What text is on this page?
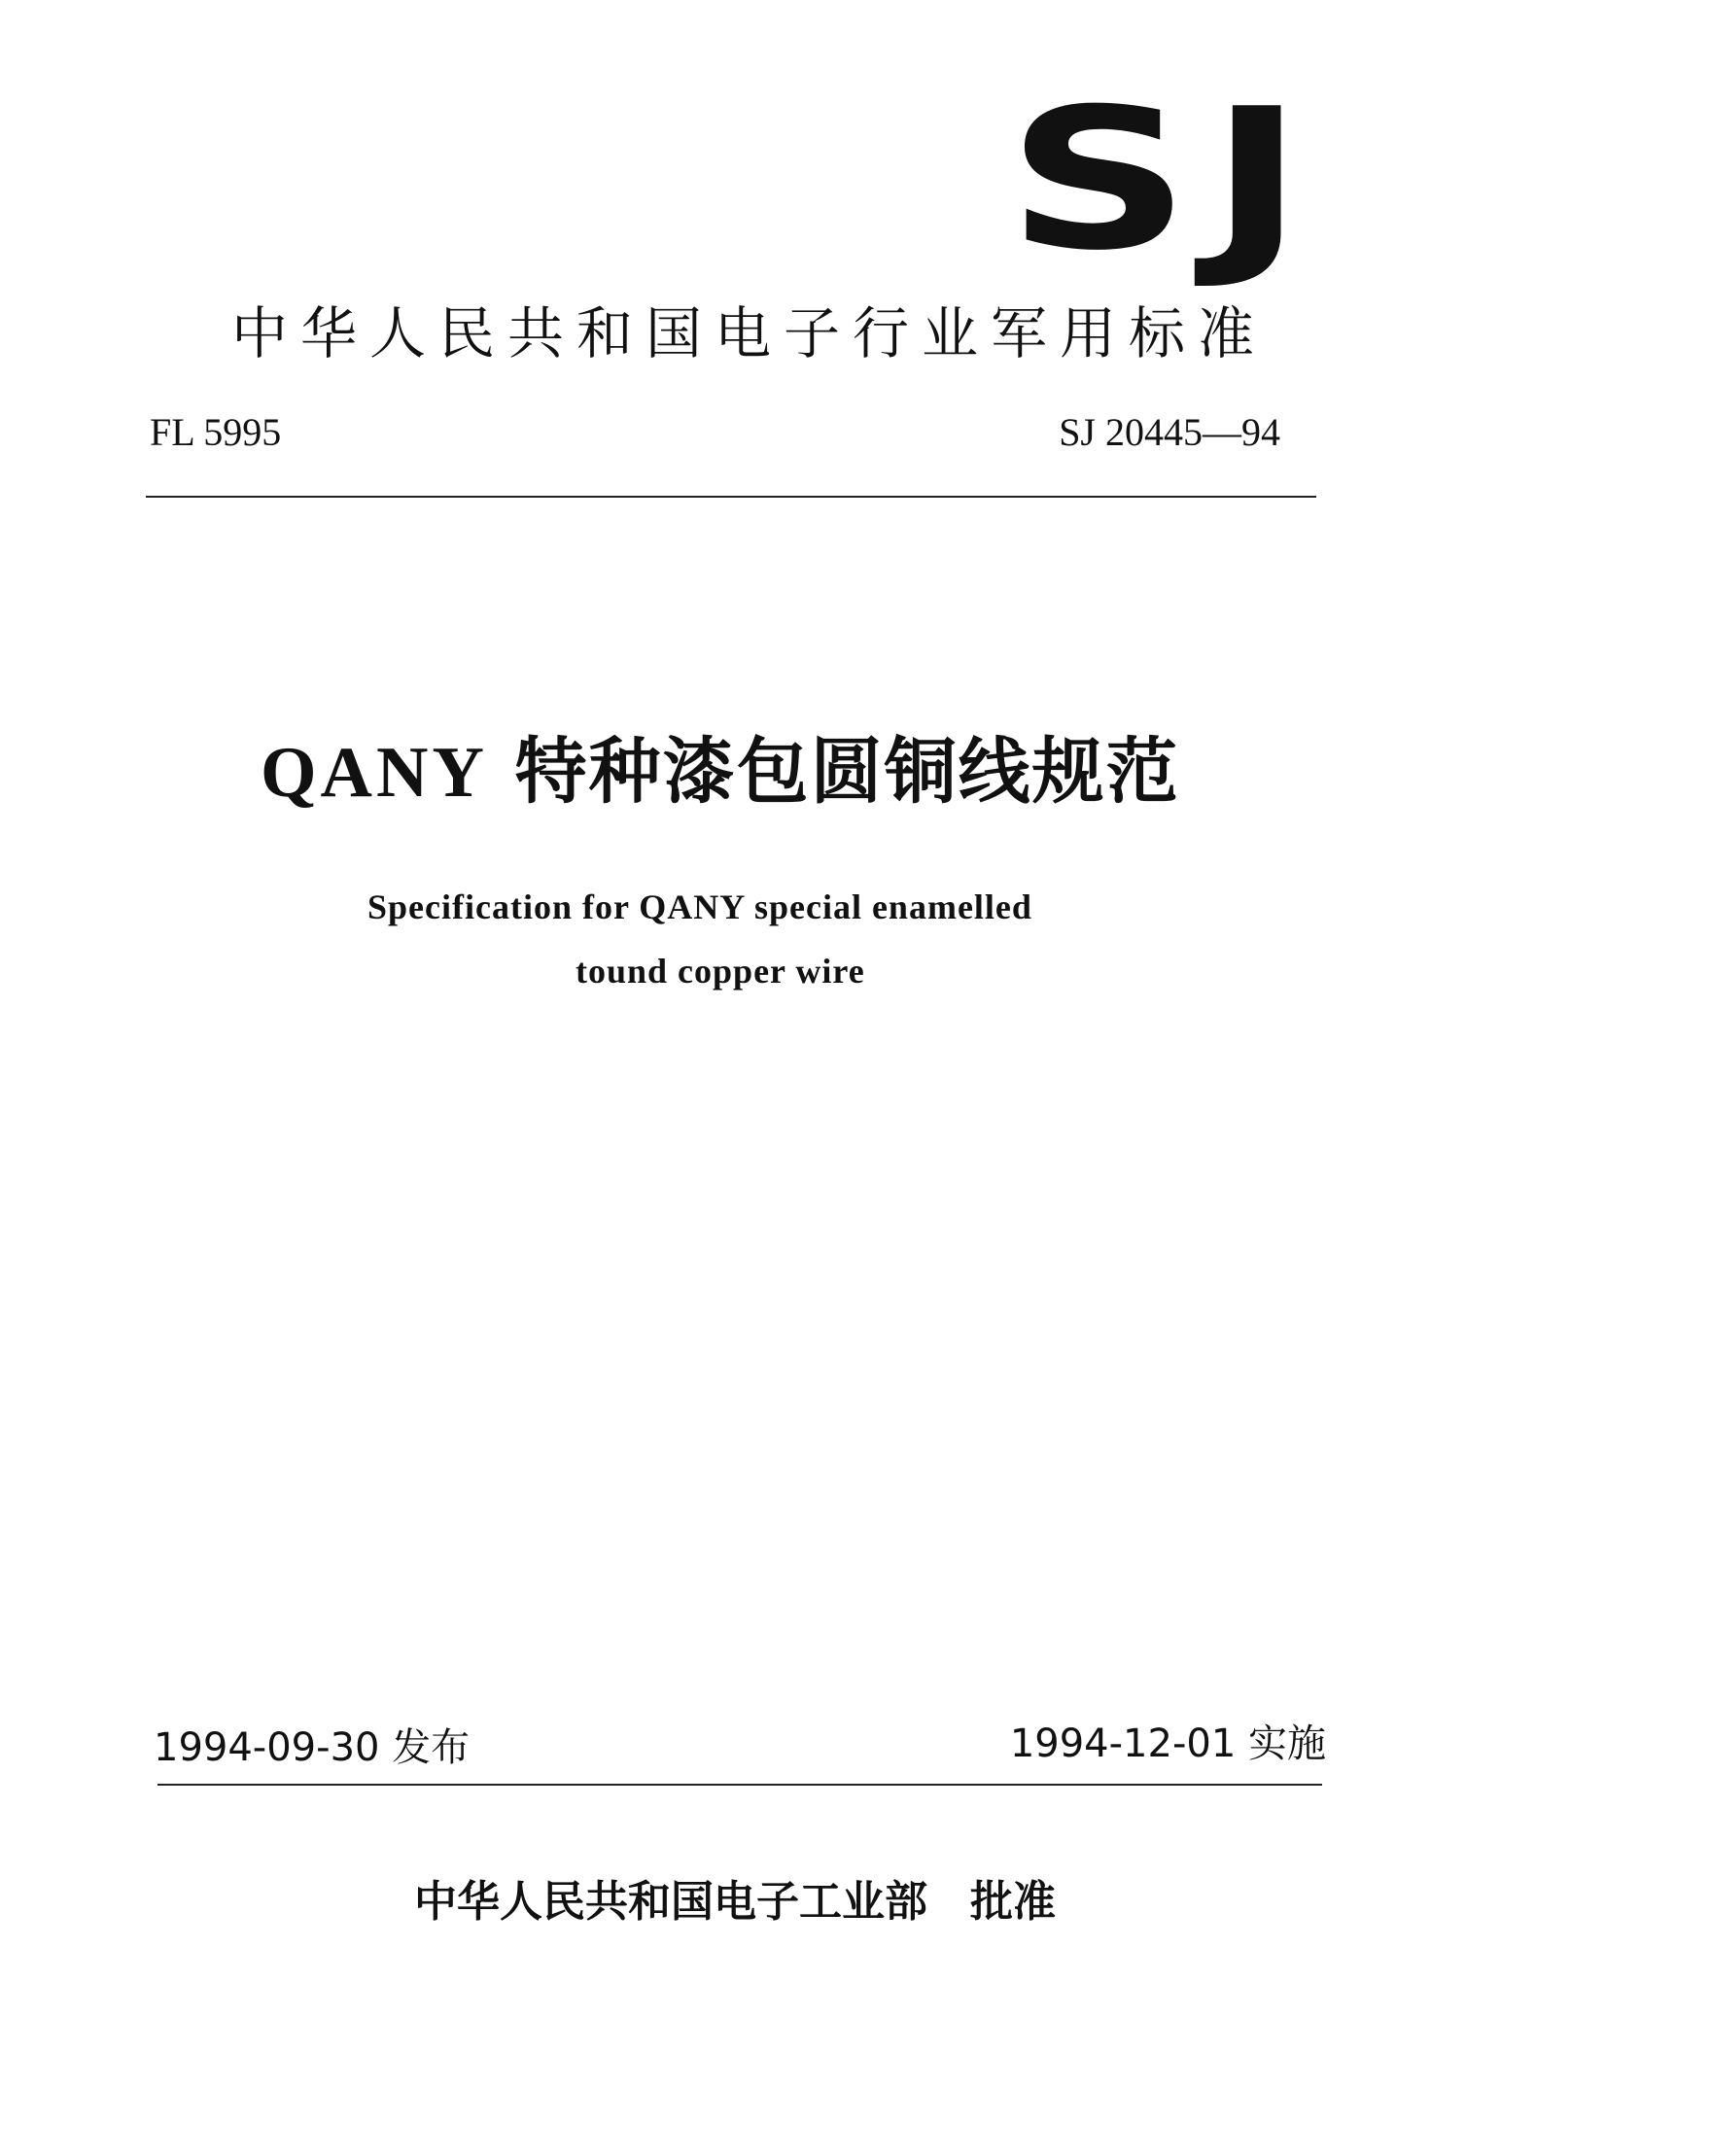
SJ
中华人民共和国电子行业军用标准
FL 5995	SJ 20445—94
QANY 特种漆包圆铜线规范
Specification for QANY special enamelled
tound copper wire
1994-09-30 发布	1994-12-01 实施
中华人民共和国电子工业部 批准
